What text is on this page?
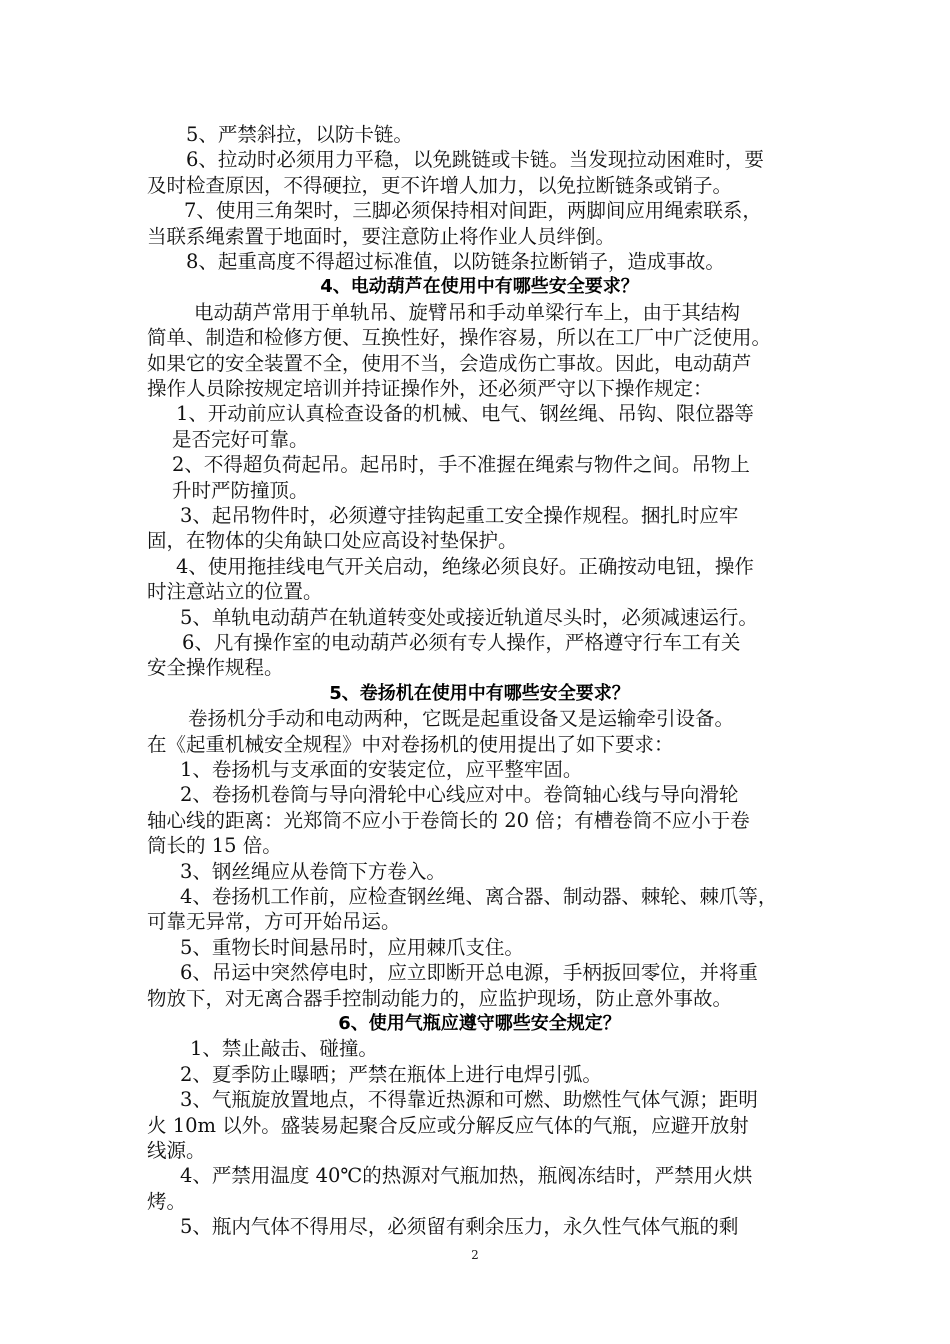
5、严禁斜拉，以防卡链。
6、拉动时必须用力平稳，以免跳链或卡链。当发现拉动困难时，要
及时检查原因，不得硬拉，更不许增人加力，以免拉断链条或销子。
7、使用三角架时，三脚必须保持相对间距，两脚间应用绳索联系，
当联系绳索置于地面时，要注意防止将作业人员绊倒。
8、起重高度不得超过标准值，以防链条拉断销子，造成事故。
4、电动葫芦在使用中有哪些安全要求？
电动葫芦常用于单轨吊、旋臂吊和手动单梁行车上，由于其结构
简单、制造和检修方便、互换性好，操作容易，所以在工厂中广泛使用。
如果它的安全装置不全，使用不当，会造成伤亡事故。因此，电动葫芦
操作人员除按规定培训并持证操作外，还必须严守以下操作规定：
1、开动前应认真检查设备的机械、电气、钢丝绳、吊钩、限位器等
是否完好可靠。
2、不得超负荷起吊。起吊时，手不准握在绳索与物件之间。吊物上
升时严防撞顶。
3、起吊物件时，必须遵守挂钩起重工安全操作规程。捆扎时应牢
固，在物体的尖角缺口处应高设衬垫保护。
4、使用拖挂线电气开关启动，绝缘必须良好。正确按动电钮，操作
时注意站立的位置。
5、单轨电动葫芦在轨道转变处或接近轨道尽头时，必须减速运行。
6、凡有操作室的电动葫芦必须有专人操作，严格遵守行车工有关
安全操作规程。
5、卷扬机在使用中有哪些安全要求？
卷扬机分手动和电动两种，它既是起重设备又是运输牵引设备。
在《起重机械安全规程》中对卷扬机的使用提出了如下要求：
1、卷扬机与支承面的安装定位，应平整牢固。
2、卷扬机卷筒与导向滑轮中心线应对中。卷筒轴心线与导向滑轮
轴心线的距离：光郑筒不应小于卷筒长的 20 倍；有槽卷筒不应小于卷
筒长的 15 倍。
3、钢丝绳应从卷筒下方卷入。
4、卷扬机工作前，应检查钢丝绳、离合器、制动器、棘轮、棘爪等，
可靠无异常，方可开始吊运。
5、重物长时间悬吊时，应用棘爪支住。
6、吊运中突然停电时，应立即断开总电源，手柄扳回零位，并将重
物放下，对无离合器手控制动能力的，应监护现场，防止意外事故。
6、使用气瓶应遵守哪些安全规定？
1、禁止敲击、碰撞。
2、夏季防止曝晒；严禁在瓶体上进行电焊引弧。
3、气瓶旋放置地点，不得靠近热源和可燃、助燃性气体气源；距明
火 10m 以外。盛装易起聚合反应或分解反应气体的气瓶，应避开放射
线源。
4、严禁用温度 40℃的热源对气瓶加热，瓶阀冻结时，严禁用火烘
烤。
5、瓶内气体不得用尽，必须留有剩余压力，永久性气体气瓶的剩
2
